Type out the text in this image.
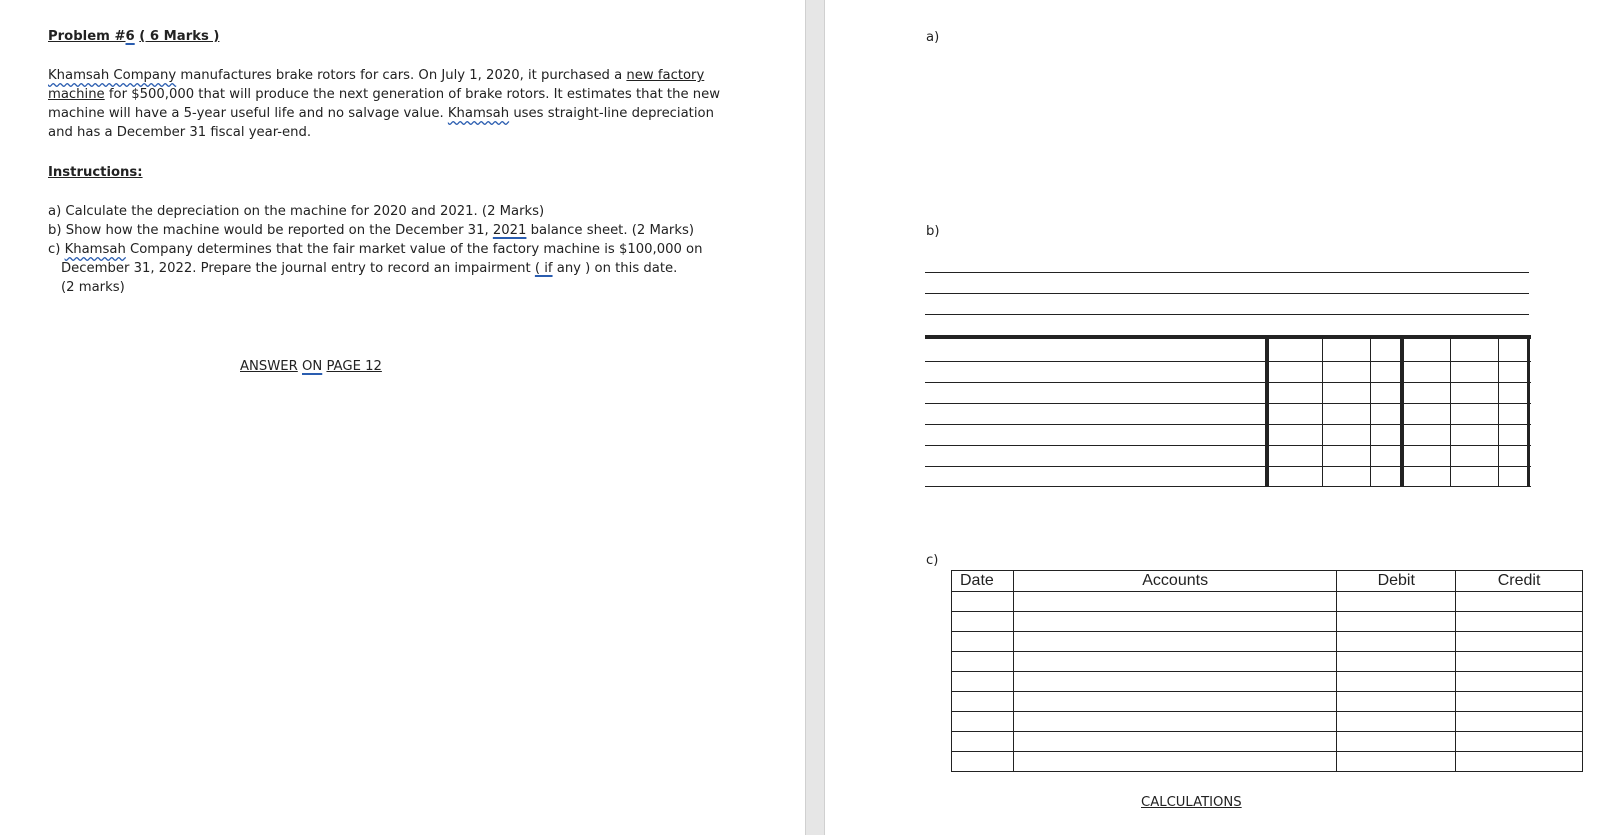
Problem #6 ( 6 Marks )
Khamsah Company manufactures brake rotors for cars. On July 1, 2020, it purchased a new factory
machine for $500,000 that will produce the next generation of brake rotors. It estimates that the new
machine will have a 5-year useful life and no salvage value. Khamsah uses straight-line depreciation
and has a December 31 fiscal year-end.
Instructions:
a) Calculate the depreciation on the machine for 2020 and 2021. (2 Marks)
b) Show how the machine would be reported on the December 31, 2021 balance sheet. (2 Marks)
c) Khamsah Company determines that the fair market value of the factory machine is $100,000 on
December 31, 2022. Prepare the journal entry to record an impairment ( if any ) on this date.
(2 marks)
ANSWER ON PAGE 12
a)
b)
c)
Date	Accounts	Debit	Credit

CALCULATIONS
